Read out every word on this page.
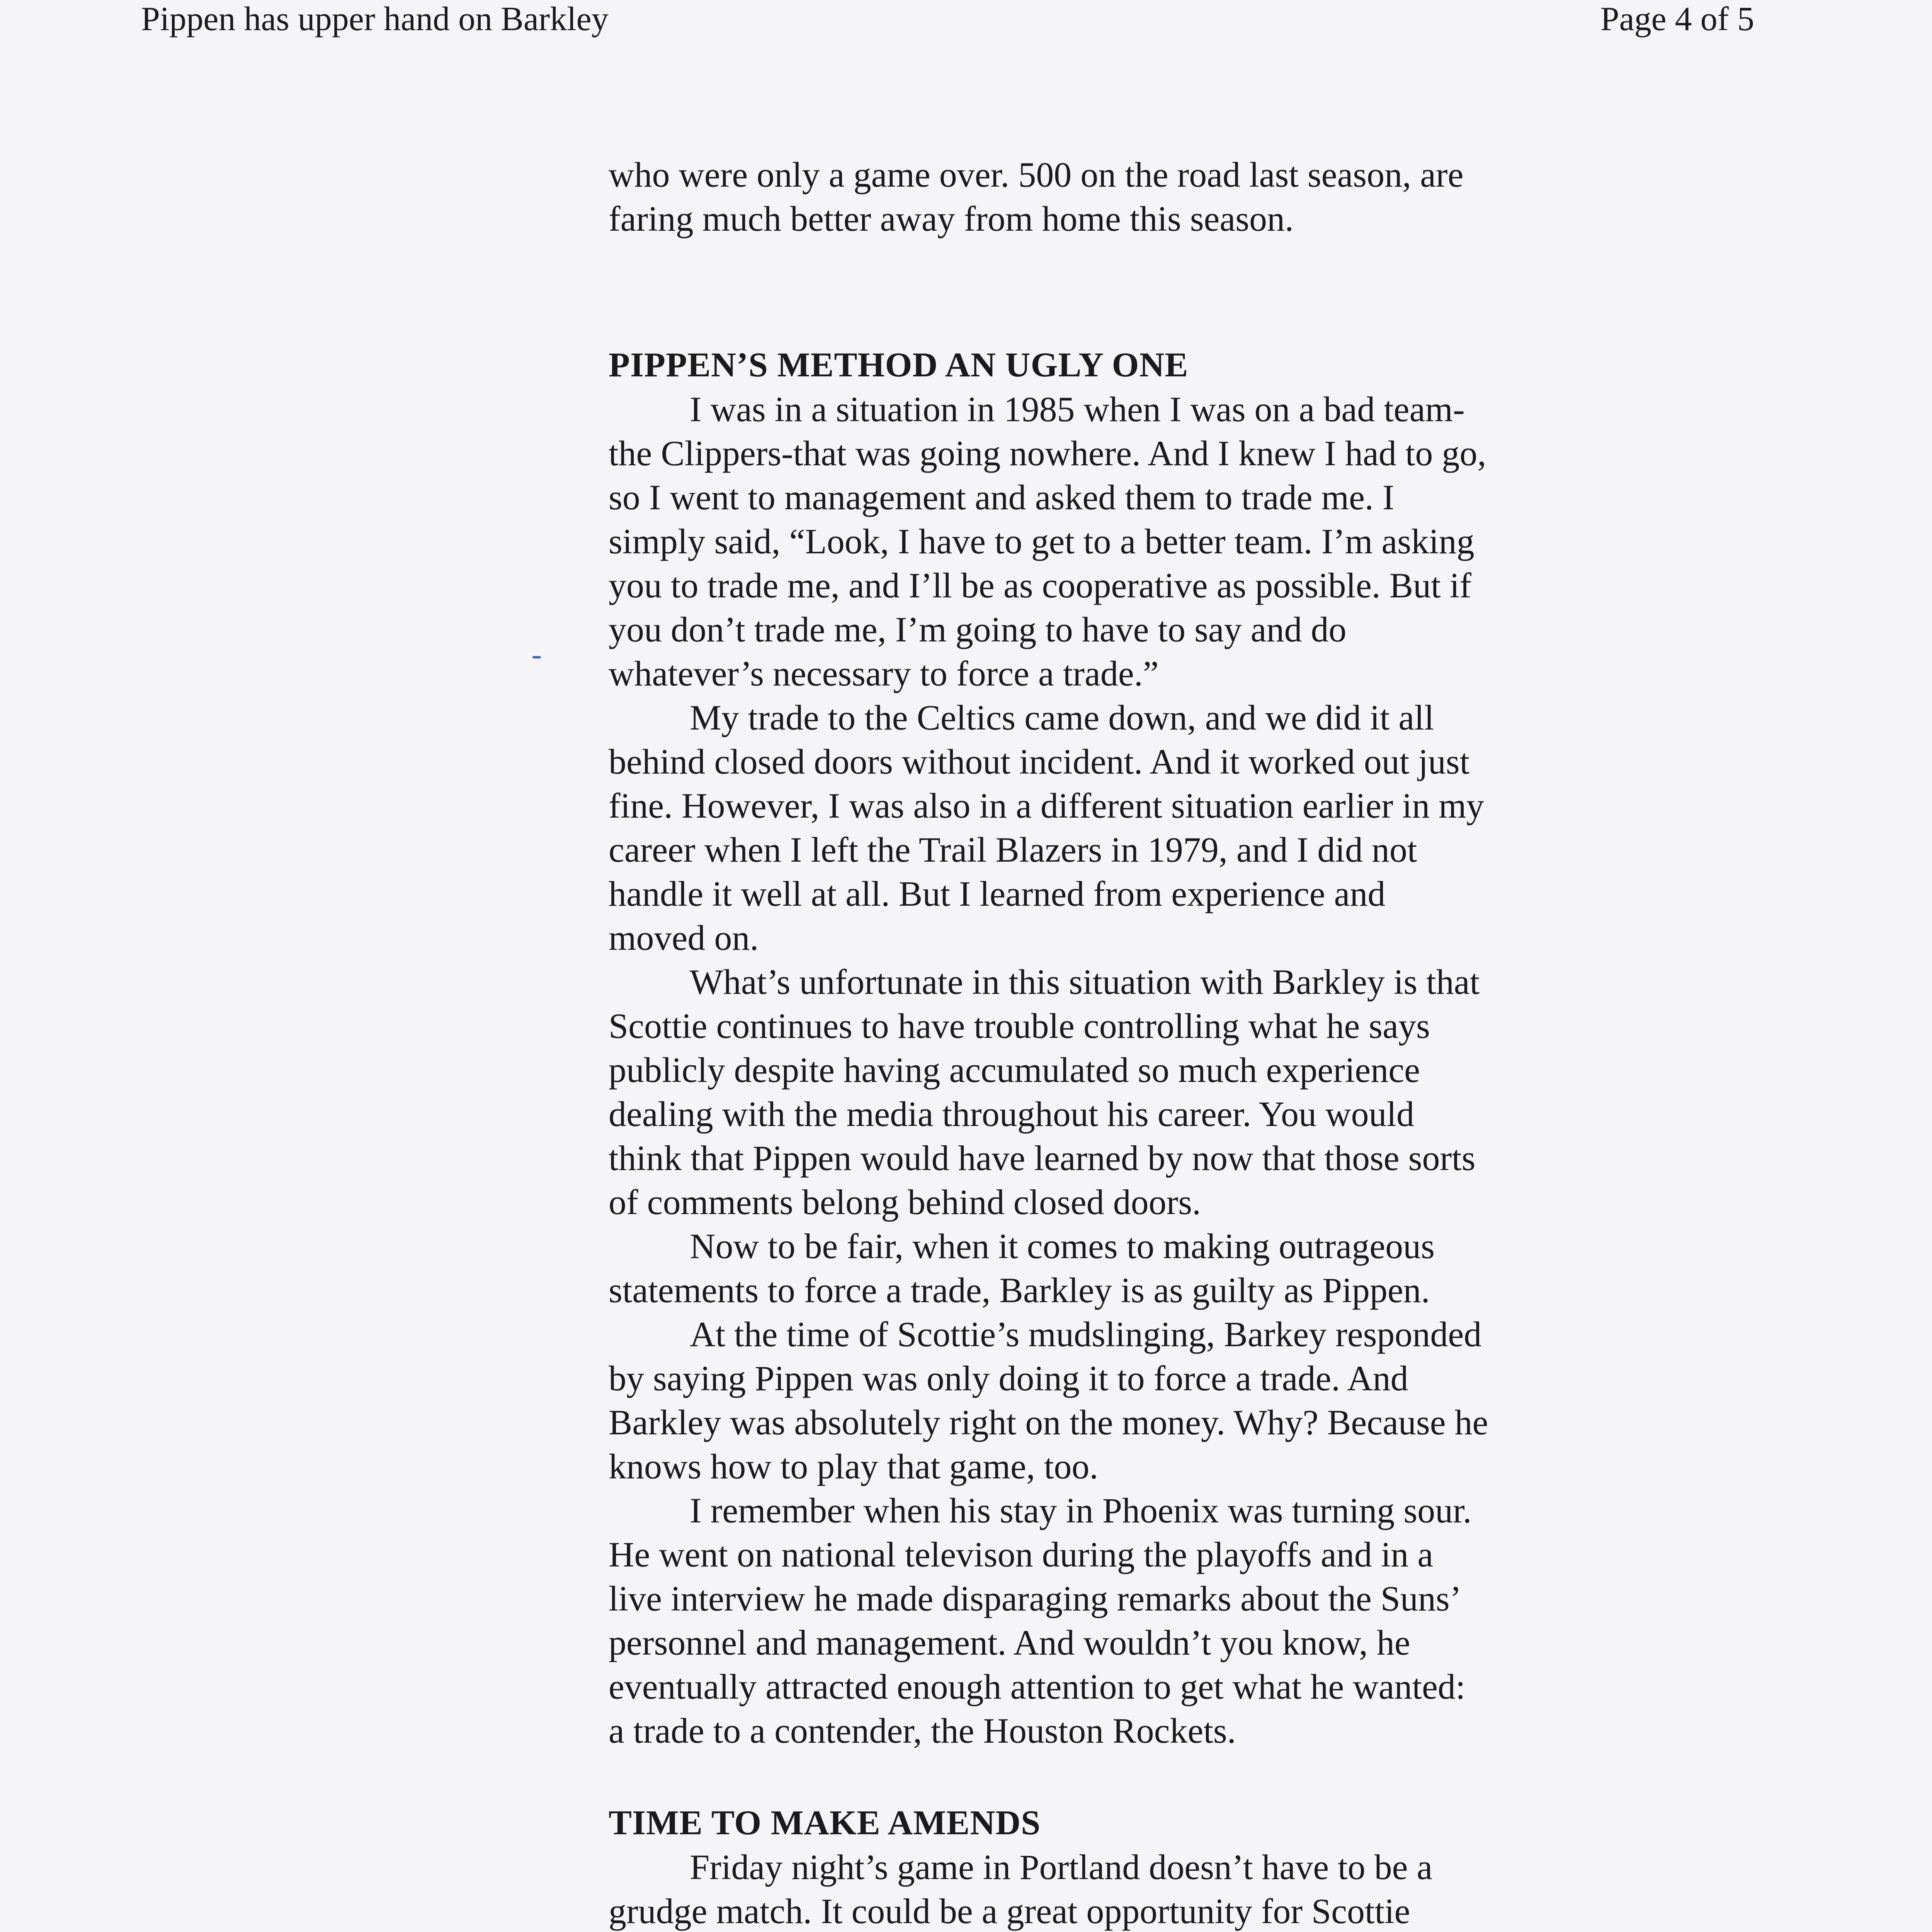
Pippen has upper hand on Barkley	Page 4 of 5

who were only a game over. 500 on the road last season, are faring much better away from home this season.

PIPPEN’S METHOD AN UGLY ONE

I was in a situation in 1985 when I was on a bad team-the Clippers-that was going nowhere. And I knew I had to go, so I went to management and asked them to trade me. I simply said, “Look, I have to get to a better team. I’m asking you to trade me, and I’ll be as cooperative as possible. But if you don’t trade me, I’m going to have to say and do whatever’s necessary to force a trade.”

My trade to the Celtics came down, and we did it all behind closed doors without incident. And it worked out just fine. However, I was also in a different situation earlier in my career when I left the Trail Blazers in 1979, and I did not handle it well at all. But I learned from experience and moved on.

What’s unfortunate in this situation with Barkley is that Scottie continues to have trouble controlling what he says publicly despite having accumulated so much experience dealing with the media throughout his career. You would think that Pippen would have learned by now that those sorts of comments belong behind closed doors.

Now to be fair, when it comes to making outrageous statements to force a trade, Barkley is as guilty as Pippen.

At the time of Scottie’s mudslinging, Barkey responded by saying Pippen was only doing it to force a trade. And Barkley was absolutely right on the money. Why? Because he knows how to play that game, too.

I remember when his stay in Phoenix was turning sour. He went on national televison during the playoffs and in a live interview he made disparaging remarks about the Suns’ personnel and management. And wouldn’t you know, he eventually attracted enough attention to get what he wanted: a trade to a contender, the Houston Rockets.

TIME TO MAKE AMENDS

Friday night’s game in Portland doesn’t have to be a grudge match. It could be a great opportunity for Scottie
